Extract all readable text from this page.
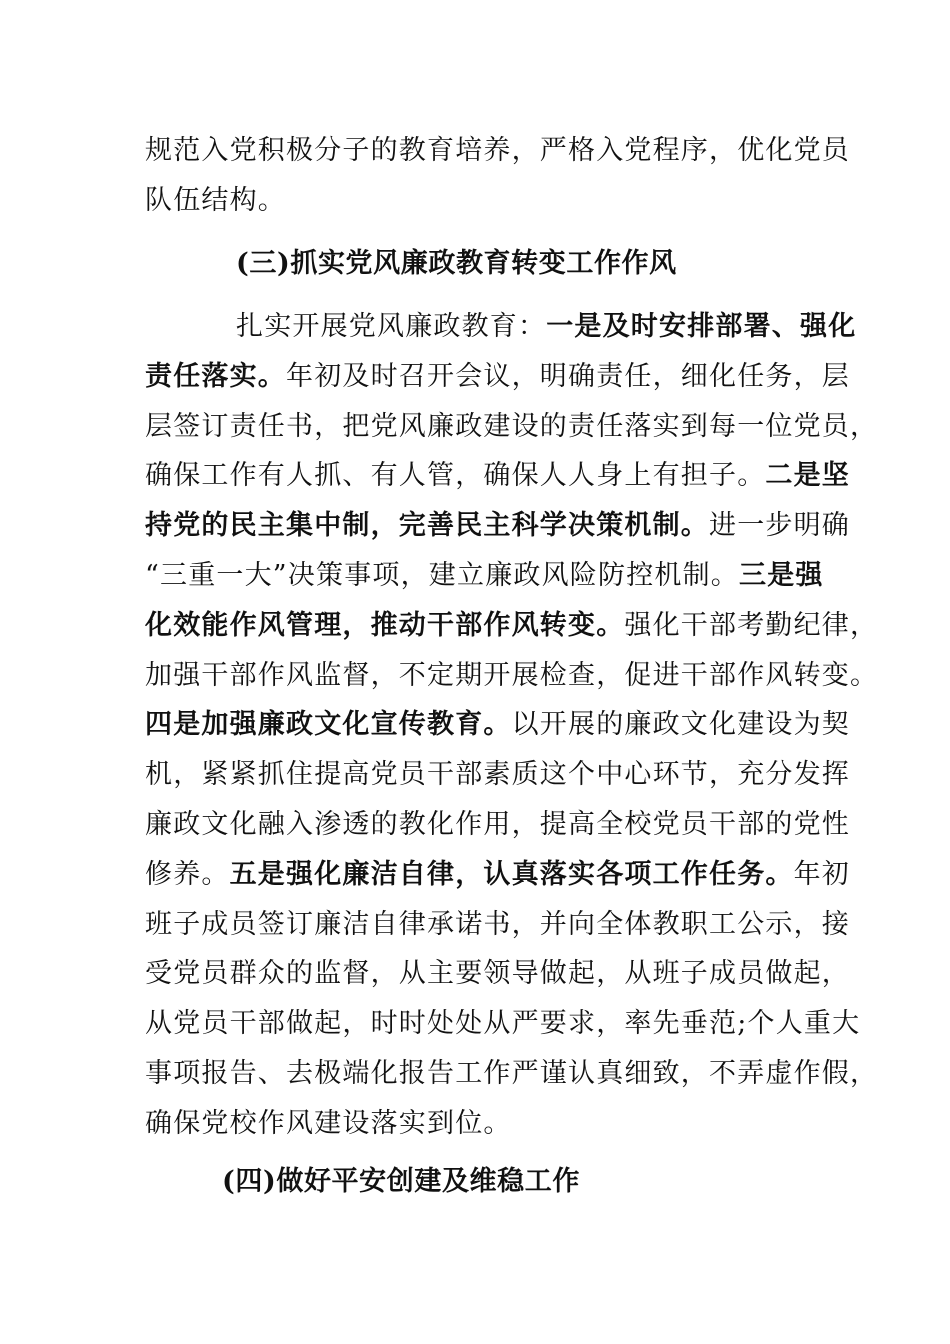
规范入党积极分子的教育培养，严格入党程序，优化党员
队伍结构。
(三)抓实党风廉政教育转变工作作风
扎实开展党风廉政教育：一是及时安排部署、强化
责任落实。年初及时召开会议，明确责任，细化任务，层
层签订责任书，把党风廉政建设的责任落实到每一位党员，
确保工作有人抓、有人管，确保人人身上有担子。二是坚
持党的民主集中制，完善民主科学决策机制。进一步明确
“三重一大”决策事项，建立廉政风险防控机制。三是强
化效能作风管理，推动干部作风转变。强化干部考勤纪律，
加强干部作风监督，不定期开展检查，促进干部作风转变。
四是加强廉政文化宣传教育。以开展的廉政文化建设为契
机，紧紧抓住提高党员干部素质这个中心环节，充分发挥
廉政文化融入渗透的教化作用，提高全校党员干部的党性
修养。五是强化廉洁自律，认真落实各项工作任务。年初
班子成员签订廉洁自律承诺书，并向全体教职工公示，接
受党员群众的监督，从主要领导做起，从班子成员做起，
从党员干部做起，时时处处从严要求，率先垂范;个人重大
事项报告、去极端化报告工作严谨认真细致，不弄虚作假，
确保党校作风建设落实到位。
(四)做好平安创建及维稳工作
